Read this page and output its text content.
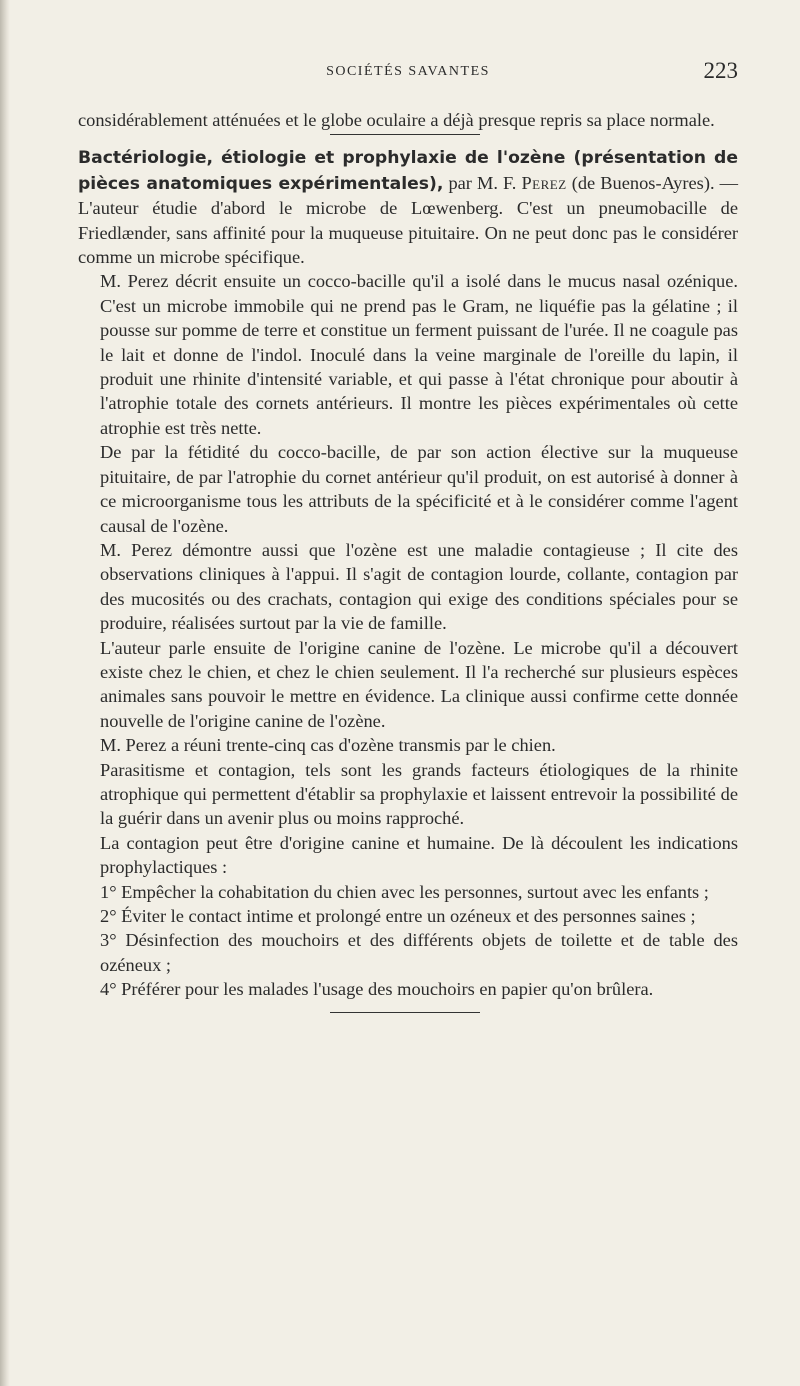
SOCIÉTÉS SAVANTES	223

considérablement atténuées et le globe oculaire a déjà presque repris sa place normale.

Bactériologie, étiologie et prophylaxie de l'ozène (présentation de pièces anatomiques expérimentales), par M. F. Perez (de Buenos-Ayres). — L'auteur étudie d'abord le microbe de Lœwenberg. C'est un pneumobacille de Friedlænder, sans affinité pour la muqueuse pituitaire. On ne peut donc pas le considérer comme un microbe spécifique.

M. Perez décrit ensuite un cocco-bacille qu'il a isolé dans le mucus nasal ozénique. C'est un microbe immobile qui ne prend pas le Gram, ne liquéfie pas la gélatine ; il pousse sur pomme de terre et constitue un ferment puissant de l'urée. Il ne coagule pas le lait et donne de l'indol. Inoculé dans la veine marginale de l'oreille du lapin, il produit une rhinite d'intensité variable, et qui passe à l'état chronique pour aboutir à l'atrophie totale des cornets antérieurs. Il montre les pièces expérimentales où cette atrophie est très nette.

De par la fétidité du cocco-bacille, de par son action élective sur la muqueuse pituitaire, de par l'atrophie du cornet antérieur qu'il produit, on est autorisé à donner à ce microorganisme tous les attributs de la spécificité et à le considérer comme l'agent causal de l'ozène.

M. Perez démontre aussi que l'ozène est une maladie contagieuse ; Il cite des observations cliniques à l'appui. Il s'agit de contagion lourde, collante, contagion par des mucosités ou des crachats, contagion qui exige des conditions spéciales pour se produire, réalisées surtout par la vie de famille.

L'auteur parle ensuite de l'origine canine de l'ozène. Le microbe qu'il a découvert existe chez le chien, et chez le chien seulement. Il l'a recherché sur plusieurs espèces animales sans pouvoir le mettre en évidence. La clinique aussi confirme cette donnée nouvelle de l'origine canine de l'ozène.

M. Perez a réuni trente-cinq cas d'ozène transmis par le chien.

Parasitisme et contagion, tels sont les grands facteurs étiologiques de la rhinite atrophique qui permettent d'établir sa prophylaxie et laissent entrevoir la possibilité de la guérir dans un avenir plus ou moins rapproché.

La contagion peut être d'origine canine et humaine. De là découlent les indications prophylactiques :

1° Empêcher la cohabitation du chien avec les personnes, surtout avec les enfants ;

2° Éviter le contact intime et prolongé entre un ozéneux et des personnes saines ;

3° Désinfection des mouchoirs et des différents objets de toilette et de table des ozéneux ;

4° Préférer pour les malades l'usage des mouchoirs en papier qu'on brûlera.
